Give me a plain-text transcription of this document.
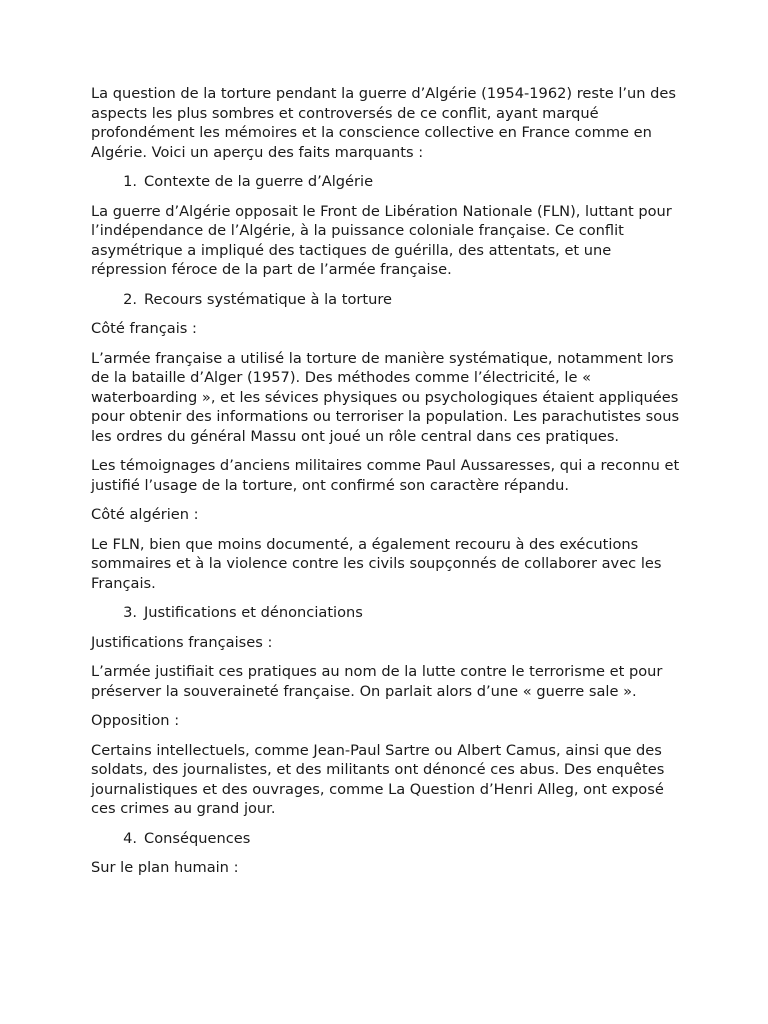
La question de la torture pendant la guerre d’Algérie (1954-1962) reste l’un des aspects les plus sombres et controversés de ce conflit, ayant marqué profondément les mémoires et la conscience collective en France comme en Algérie. Voici un aperçu des faits marquants :

1. Contexte de la guerre d’Algérie

La guerre d’Algérie opposait le Front de Libération Nationale (FLN), luttant pour l’indépendance de l’Algérie, à la puissance coloniale française. Ce conflit asymétrique a impliqué des tactiques de guérilla, des attentats, et une répression féroce de la part de l’armée française.

2. Recours systématique à la torture

Côté français :

L’armée française a utilisé la torture de manière systématique, notamment lors de la bataille d’Alger (1957). Des méthodes comme l’électricité, le « waterboarding », et les sévices physiques ou psychologiques étaient appliquées pour obtenir des informations ou terroriser la population. Les parachutistes sous les ordres du général Massu ont joué un rôle central dans ces pratiques.

Les témoignages d’anciens militaires comme Paul Aussaresses, qui a reconnu et justifié l’usage de la torture, ont confirmé son caractère répandu.

Côté algérien :

Le FLN, bien que moins documenté, a également recouru à des exécutions sommaires et à la violence contre les civils soupçonnés de collaborer avec les Français.

3. Justifications et dénonciations

Justifications françaises :

L’armée justifiait ces pratiques au nom de la lutte contre le terrorisme et pour préserver la souveraineté française. On parlait alors d’une « guerre sale ».

Opposition :

Certains intellectuels, comme Jean-Paul Sartre ou Albert Camus, ainsi que des soldats, des journalistes, et des militants ont dénoncé ces abus. Des enquêtes journalistiques et des ouvrages, comme La Question d’Henri Alleg, ont exposé ces crimes au grand jour.

4. Conséquences

Sur le plan humain :
